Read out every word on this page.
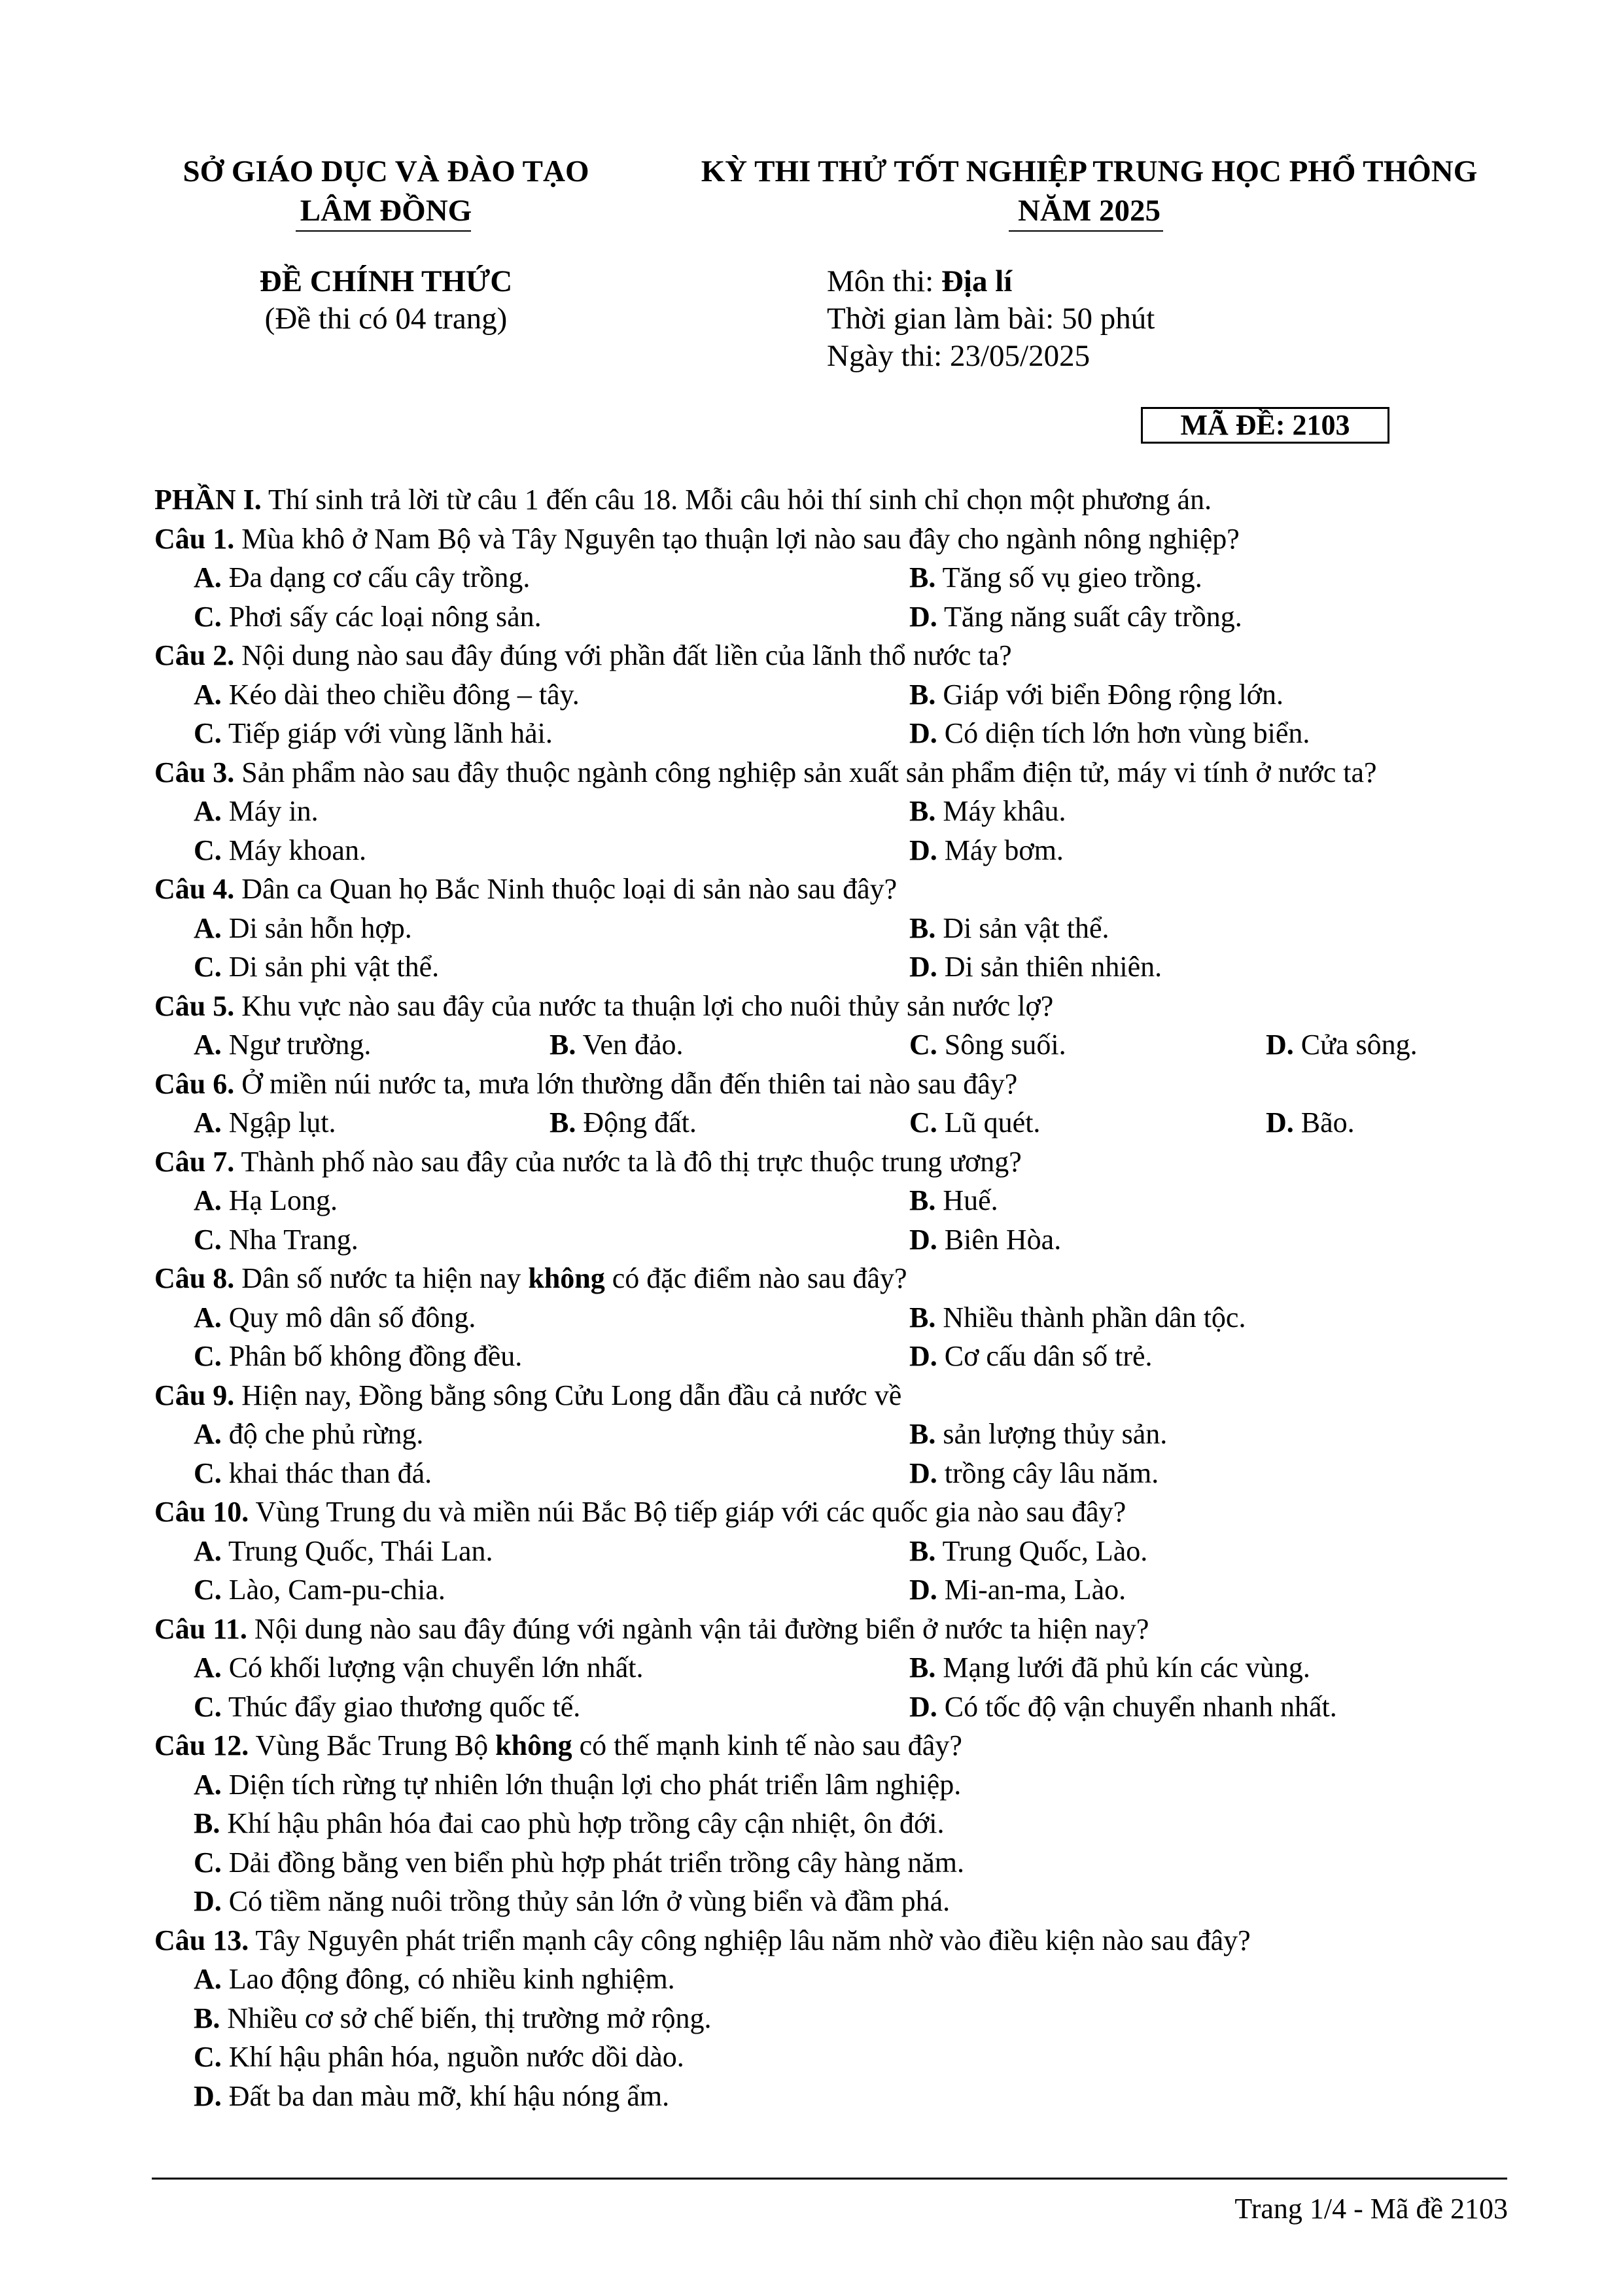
SỞ GIÁO DỤC VÀ ĐÀO TẠO
LÂM ĐỒNG
KỲ THI THỬ TỐT NGHIỆP TRUNG HỌC PHỔ THÔNG
NĂM 2025
ĐỀ CHÍNH THỨC
(Đề thi có 04 trang)
Môn thi: Địa lí
Thời gian làm bài: 50 phút
Ngày thi: 23/05/2025
MÃ ĐỀ: 2103
PHẦN I. Thí sinh trả lời từ câu 1 đến câu 18. Mỗi câu hỏi thí sinh chỉ chọn một phương án.
Câu 1. Mùa khô ở Nam Bộ và Tây Nguyên tạo thuận lợi nào sau đây cho ngành nông nghiệp?
A. Đa dạng cơ cấu cây trồng.	B. Tăng số vụ gieo trồng.
C. Phơi sấy các loại nông sản.	D. Tăng năng suất cây trồng.
Câu 2. Nội dung nào sau đây đúng với phần đất liền của lãnh thổ nước ta?
A. Kéo dài theo chiều đông – tây.	B. Giáp với biển Đông rộng lớn.
C. Tiếp giáp với vùng lãnh hải.	D. Có diện tích lớn hơn vùng biển.
Câu 3. Sản phẩm nào sau đây thuộc ngành công nghiệp sản xuất sản phẩm điện tử, máy vi tính ở nước ta?
A. Máy in.	B. Máy khâu.
C. Máy khoan.	D. Máy bơm.
Câu 4. Dân ca Quan họ Bắc Ninh thuộc loại di sản nào sau đây?
A. Di sản hỗn hợp.	B. Di sản vật thể.
C. Di sản phi vật thể.	D. Di sản thiên nhiên.
Câu 5. Khu vực nào sau đây của nước ta thuận lợi cho nuôi thủy sản nước lợ?
A. Ngư trường.	B. Ven đảo.	C. Sông suối.	D. Cửa sông.
Câu 6. Ở miền núi nước ta, mưa lớn thường dẫn đến thiên tai nào sau đây?
A. Ngập lụt.	B. Động đất.	C. Lũ quét.	D. Bão.
Câu 7. Thành phố nào sau đây của nước ta là đô thị trực thuộc trung ương?
A. Hạ Long.	B. Huế.
C. Nha Trang.	D. Biên Hòa.
Câu 8. Dân số nước ta hiện nay không có đặc điểm nào sau đây?
A. Quy mô dân số đông.	B. Nhiều thành phần dân tộc.
C. Phân bố không đồng đều.	D. Cơ cấu dân số trẻ.
Câu 9. Hiện nay, Đồng bằng sông Cửu Long dẫn đầu cả nước về
A. độ che phủ rừng.	B. sản lượng thủy sản.
C. khai thác than đá.	D. trồng cây lâu năm.
Câu 10. Vùng Trung du và miền núi Bắc Bộ tiếp giáp với các quốc gia nào sau đây?
A. Trung Quốc, Thái Lan.	B. Trung Quốc, Lào.
C. Lào, Cam-pu-chia.	D. Mi-an-ma, Lào.
Câu 11. Nội dung nào sau đây đúng với ngành vận tải đường biển ở nước ta hiện nay?
A. Có khối lượng vận chuyển lớn nhất.	B. Mạng lưới đã phủ kín các vùng.
C. Thúc đẩy giao thương quốc tế.	D. Có tốc độ vận chuyển nhanh nhất.
Câu 12. Vùng Bắc Trung Bộ không có thế mạnh kinh tế nào sau đây?
A. Diện tích rừng tự nhiên lớn thuận lợi cho phát triển lâm nghiệp.
B. Khí hậu phân hóa đai cao phù hợp trồng cây cận nhiệt, ôn đới.
C. Dải đồng bằng ven biển phù hợp phát triển trồng cây hàng năm.
D. Có tiềm năng nuôi trồng thủy sản lớn ở vùng biển và đầm phá.
Câu 13. Tây Nguyên phát triển mạnh cây công nghiệp lâu năm nhờ vào điều kiện nào sau đây?
A. Lao động đông, có nhiều kinh nghiệm.
B. Nhiều cơ sở chế biến, thị trường mở rộng.
C. Khí hậu phân hóa, nguồn nước dồi dào.
D. Đất ba dan màu mỡ, khí hậu nóng ẩm.
Trang 1/4 - Mã đề 2103
